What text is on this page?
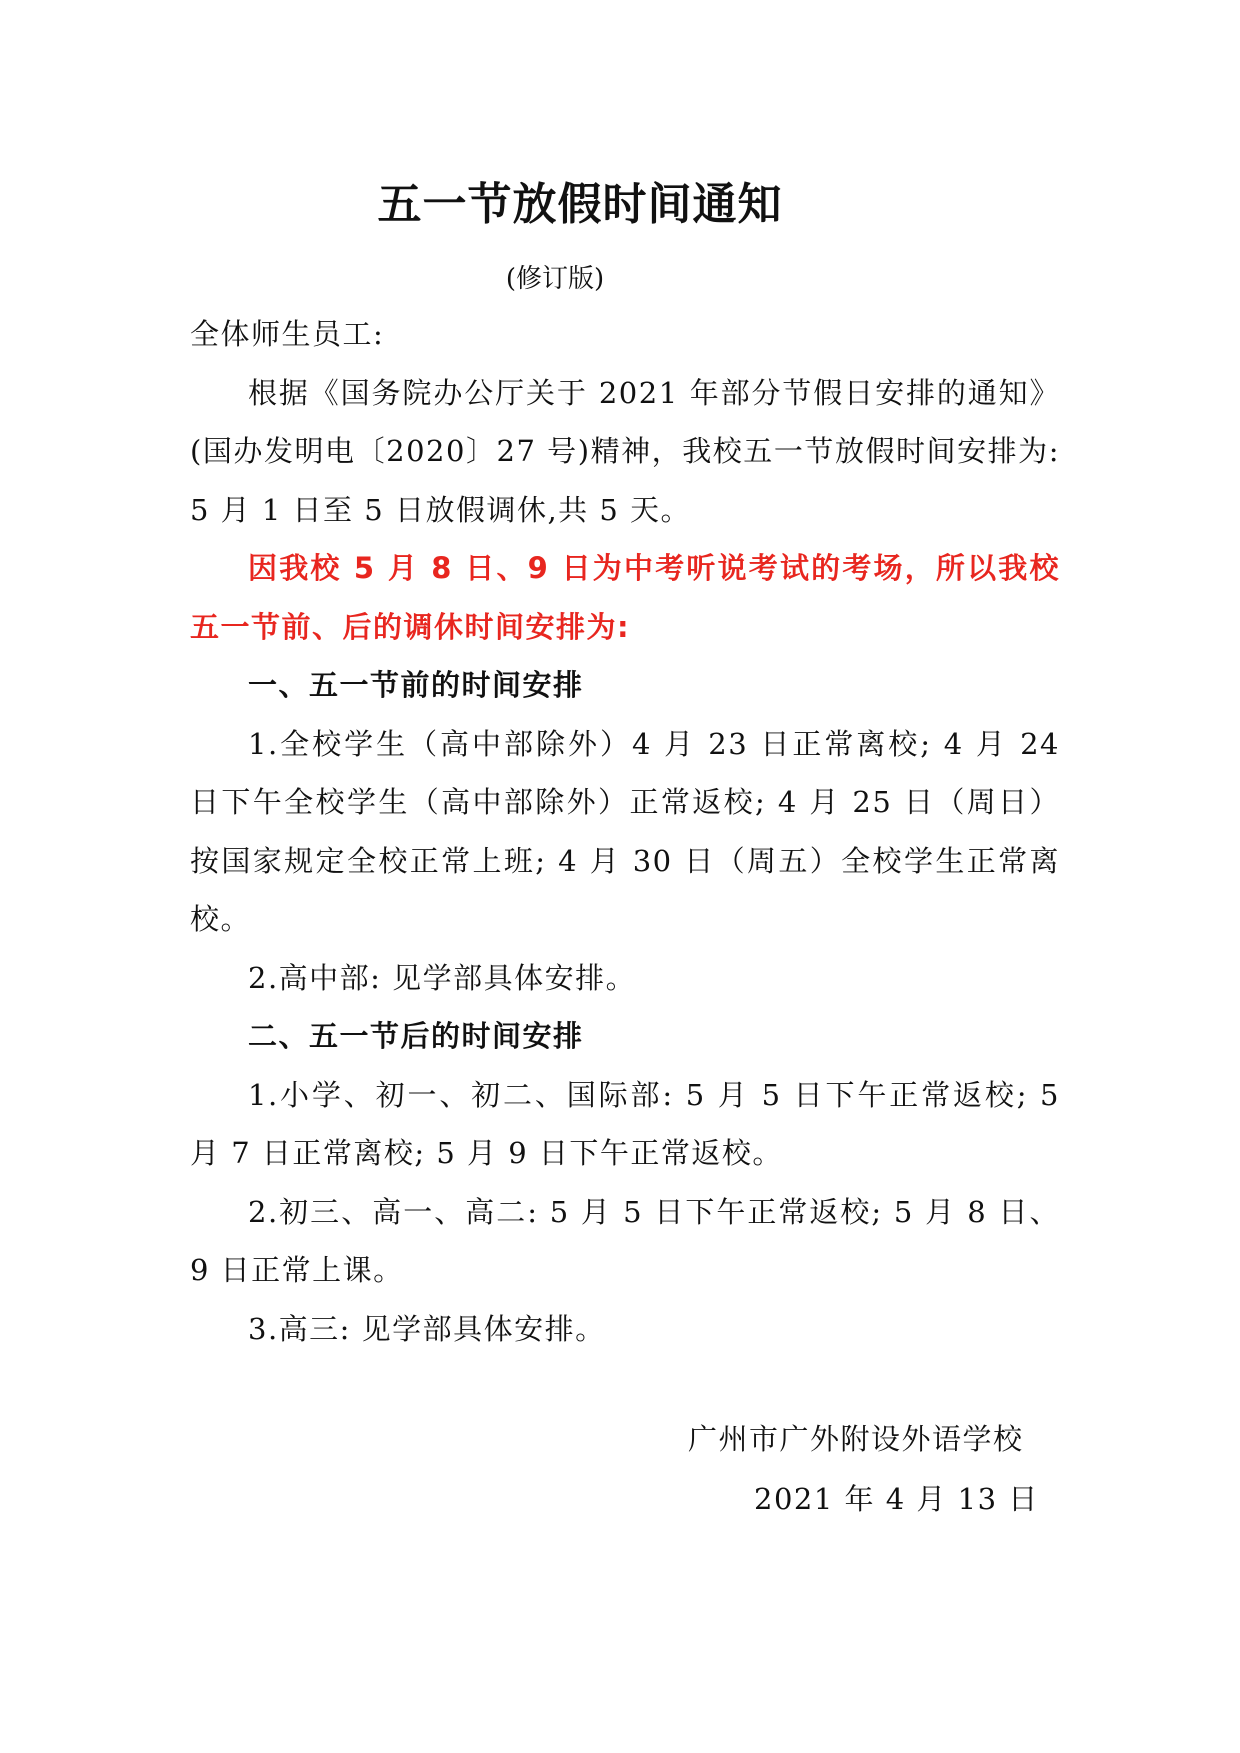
五一节放假时间通知
(修订版)

全体师生员工:

根据《国务院办公厅关于 2021 年部分节假日安排的通知》(国办发明电〔2020〕27 号)精神，我校五一节放假时间安排为: 5 月 1 日至 5 日放假调休,共 5 天。

因我校 5 月 8 日、9 日为中考听说考试的考场，所以我校五一节前、后的调休时间安排为:

一、五一节前的时间安排

1.全校学生（高中部除外）4 月 23 日正常离校; 4 月 24 日下午全校学生（高中部除外）正常返校; 4 月 25 日（周日）按国家规定全校正常上班; 4 月 30 日（周五）全校学生正常离校。

2.高中部: 见学部具体安排。

二、五一节后的时间安排

1.小学、初一、初二、国际部: 5 月 5 日下午正常返校; 5 月 7 日正常离校; 5 月 9 日下午正常返校。

2.初三、高一、高二: 5 月 5 日下午正常返校; 5 月 8 日、9 日正常上课。

3.高三: 见学部具体安排。

广州市广外附设外语学校
2021 年 4 月 13 日
